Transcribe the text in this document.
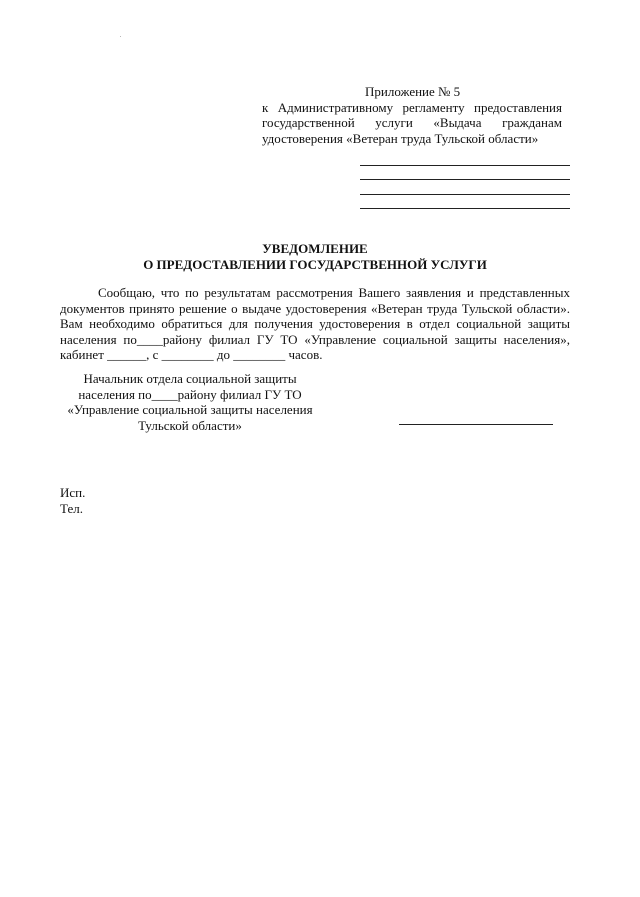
Приложение № 5
к Административному регламенту предоставления
государственной услуги «Выдача гражданам
удостоверения «Ветеран труда Тульской области»
УВЕДОМЛЕНИЕ
О ПРЕДОСТАВЛЕНИИ ГОСУДАРСТВЕННОЙ УСЛУГИ
Сообщаю, что по результатам рассмотрения Вашего заявления и представленных
документов принято решение о выдаче удостоверения «Ветеран труда Тульской области».
Вам необходимо обратиться для получения удостоверения в отдел социальной защиты
населения по____району филиал ГУ ТО «Управление социальной защиты населения»,
кабинет ______, с ________ до ________ часов.
Начальник отдела социальной защиты
населения по____району филиал ГУ ТО
«Управление социальной защиты населения
Тульской области»
Исп.
Тел.
